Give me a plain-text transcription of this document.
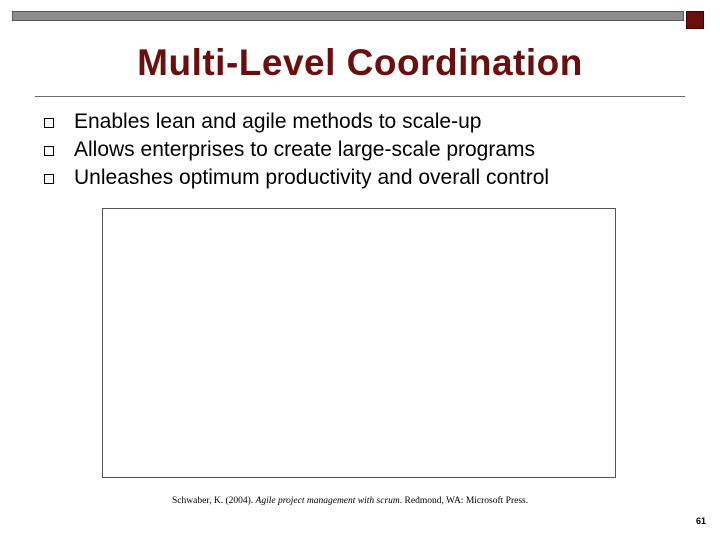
Multi-Level Coordination
Enables lean and agile methods to scale-up
Allows enterprises to create large-scale programs
Unleashes optimum productivity and overall control
Schwaber, K. (2004). Agile project management with scrum. Redmond, WA: Microsoft Press.
61
